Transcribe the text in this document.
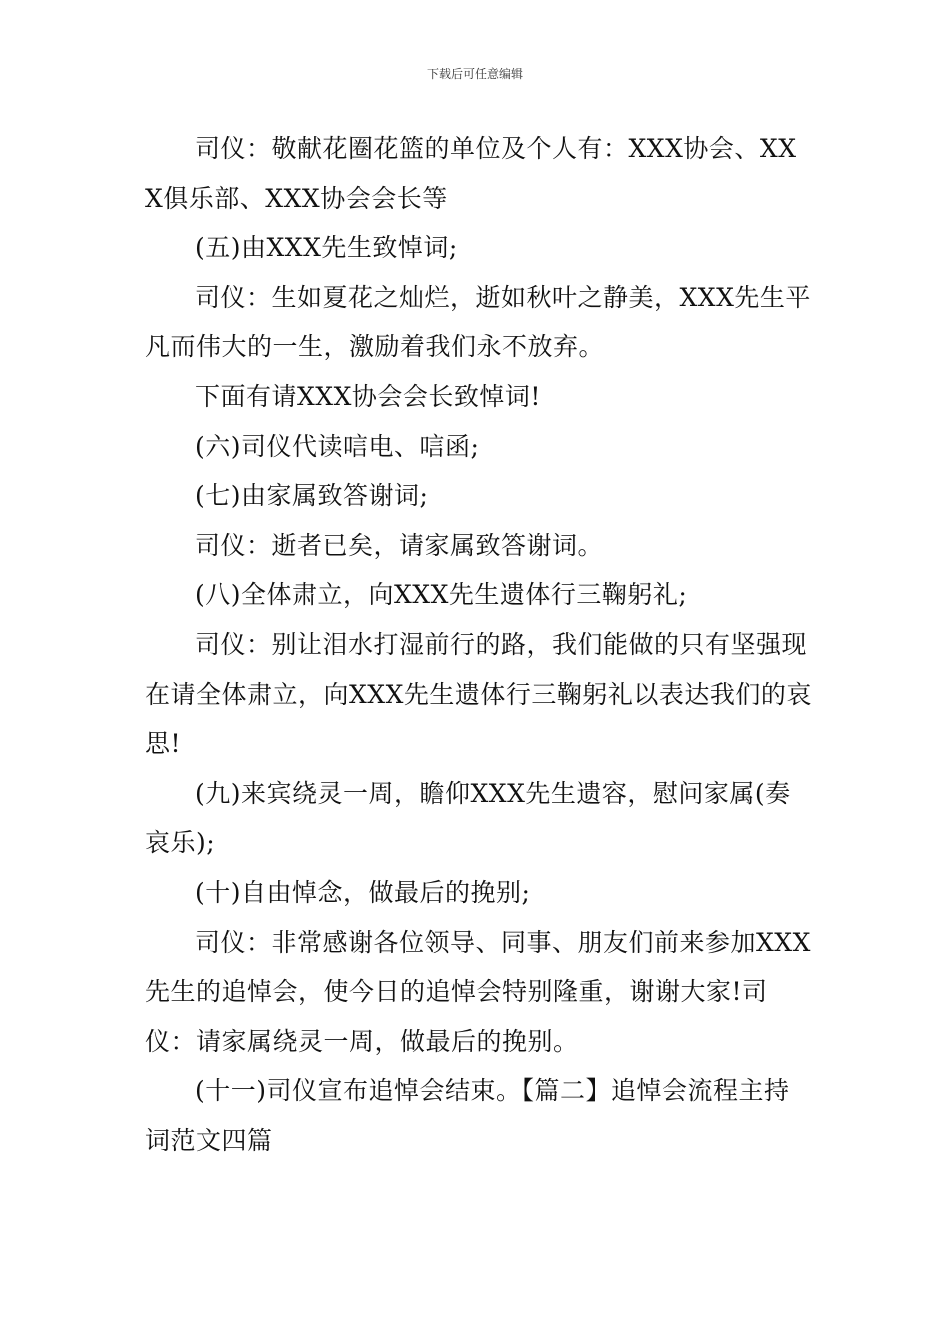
下载后可任意编辑

司仪：敬献花圈花篮的单位及个人有：XXX协会、XXX俱乐部、XXX协会会长等

(五)由XXX先生致悼词;

司仪：生如夏花之灿烂，逝如秋叶之静美，XXX先生平凡而伟大的一生，激励着我们永不放弃。

下面有请XXX协会会长致悼词!

(六)司仪代读唁电、唁函;

(七)由家属致答谢词;

司仪：逝者已矣，请家属致答谢词。

(八)全体肃立，向XXX先生遗体行三鞠躬礼;

司仪：别让泪水打湿前行的路，我们能做的只有坚强现在请全体肃立，向XXX先生遗体行三鞠躬礼以表达我们的哀思!

(九)来宾绕灵一周，瞻仰XXX先生遗容，慰问家属(奏哀乐);

(十)自由悼念，做最后的挽别;

司仪：非常感谢各位领导、同事、朋友们前来参加XXX先生的追悼会，使今日的追悼会特别隆重，谢谢大家!司仪：请家属绕灵一周，做最后的挽别。

(十一)司仪宣布追悼会结束。【篇二】追悼会流程主持词范文四篇
